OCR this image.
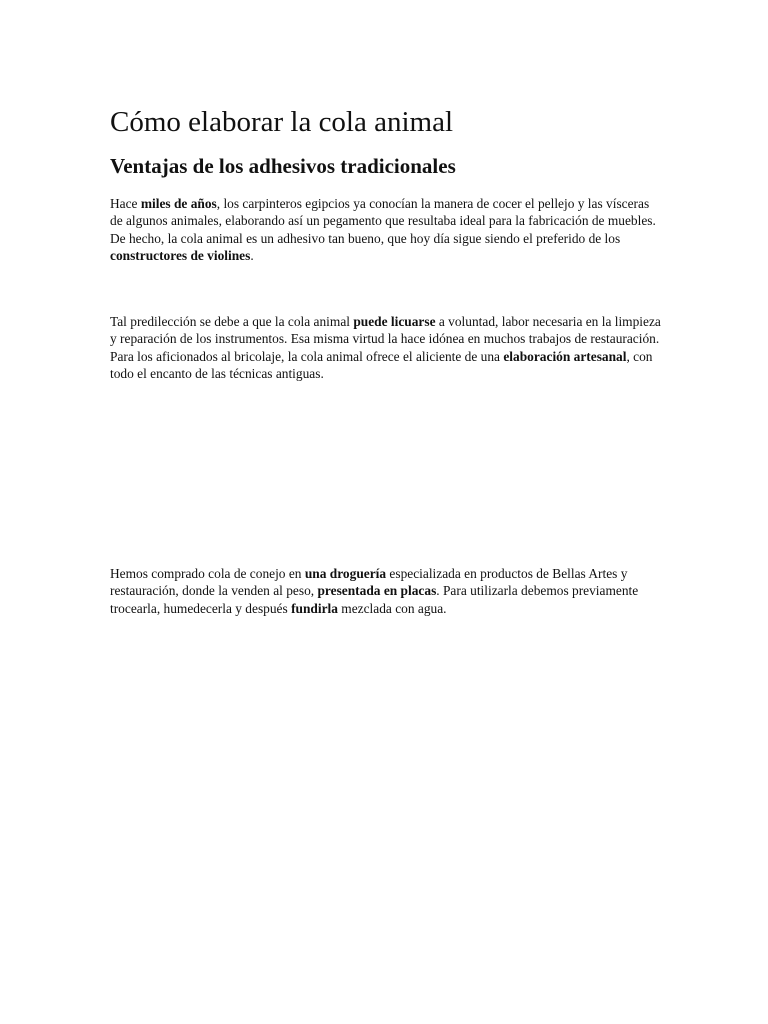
Cómo elaborar la cola animal
Ventajas de los adhesivos tradicionales

Hace miles de años, los carpinteros egipcios ya conocían la manera de cocer el pellejo y las vísceras de algunos animales, elaborando así un pegamento que resultaba ideal para la fabricación de muebles. De hecho, la cola animal es un adhesivo tan bueno, que hoy día sigue siendo el preferido de los constructores de violines.

Tal predilección se debe a que la cola animal puede licuarse a voluntad, labor necesaria en la limpieza y reparación de los instrumentos. Esa misma virtud la hace idónea en muchos trabajos de restauración. Para los aficionados al bricolaje, la cola animal ofrece el aliciente de una elaboración artesanal, con todo el encanto de las técnicas antiguas.

Hemos comprado cola de conejo en una droguería especializada en productos de Bellas Artes y restauración, donde la venden al peso, presentada en placas. Para utilizarla debemos previamente trocearla, humedecerla y después fundirla mezclada con agua.
